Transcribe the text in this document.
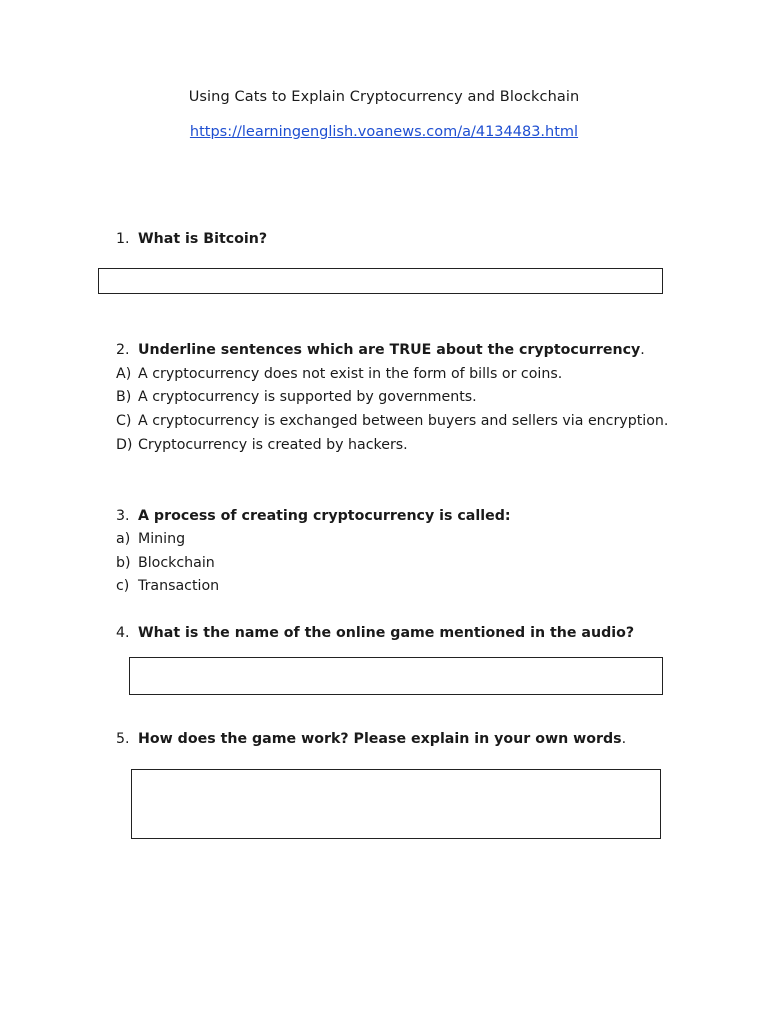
Using Cats to Explain Cryptocurrency and Blockchain
https://learningenglish.voanews.com/a/4134483.html
1. What is Bitcoin?
2. Underline sentences which are TRUE about the cryptocurrency.
A) A cryptocurrency does not exist in the form of bills or coins.
B) A cryptocurrency is supported by governments.
C) A cryptocurrency is exchanged between buyers and sellers via encryption.
D) Cryptocurrency is created by hackers.
3. A process of creating cryptocurrency is called:
a) Mining
b) Blockchain
c) Transaction
4. What is the name of the online game mentioned in the audio?
5. How does the game work? Please explain in your own words.
